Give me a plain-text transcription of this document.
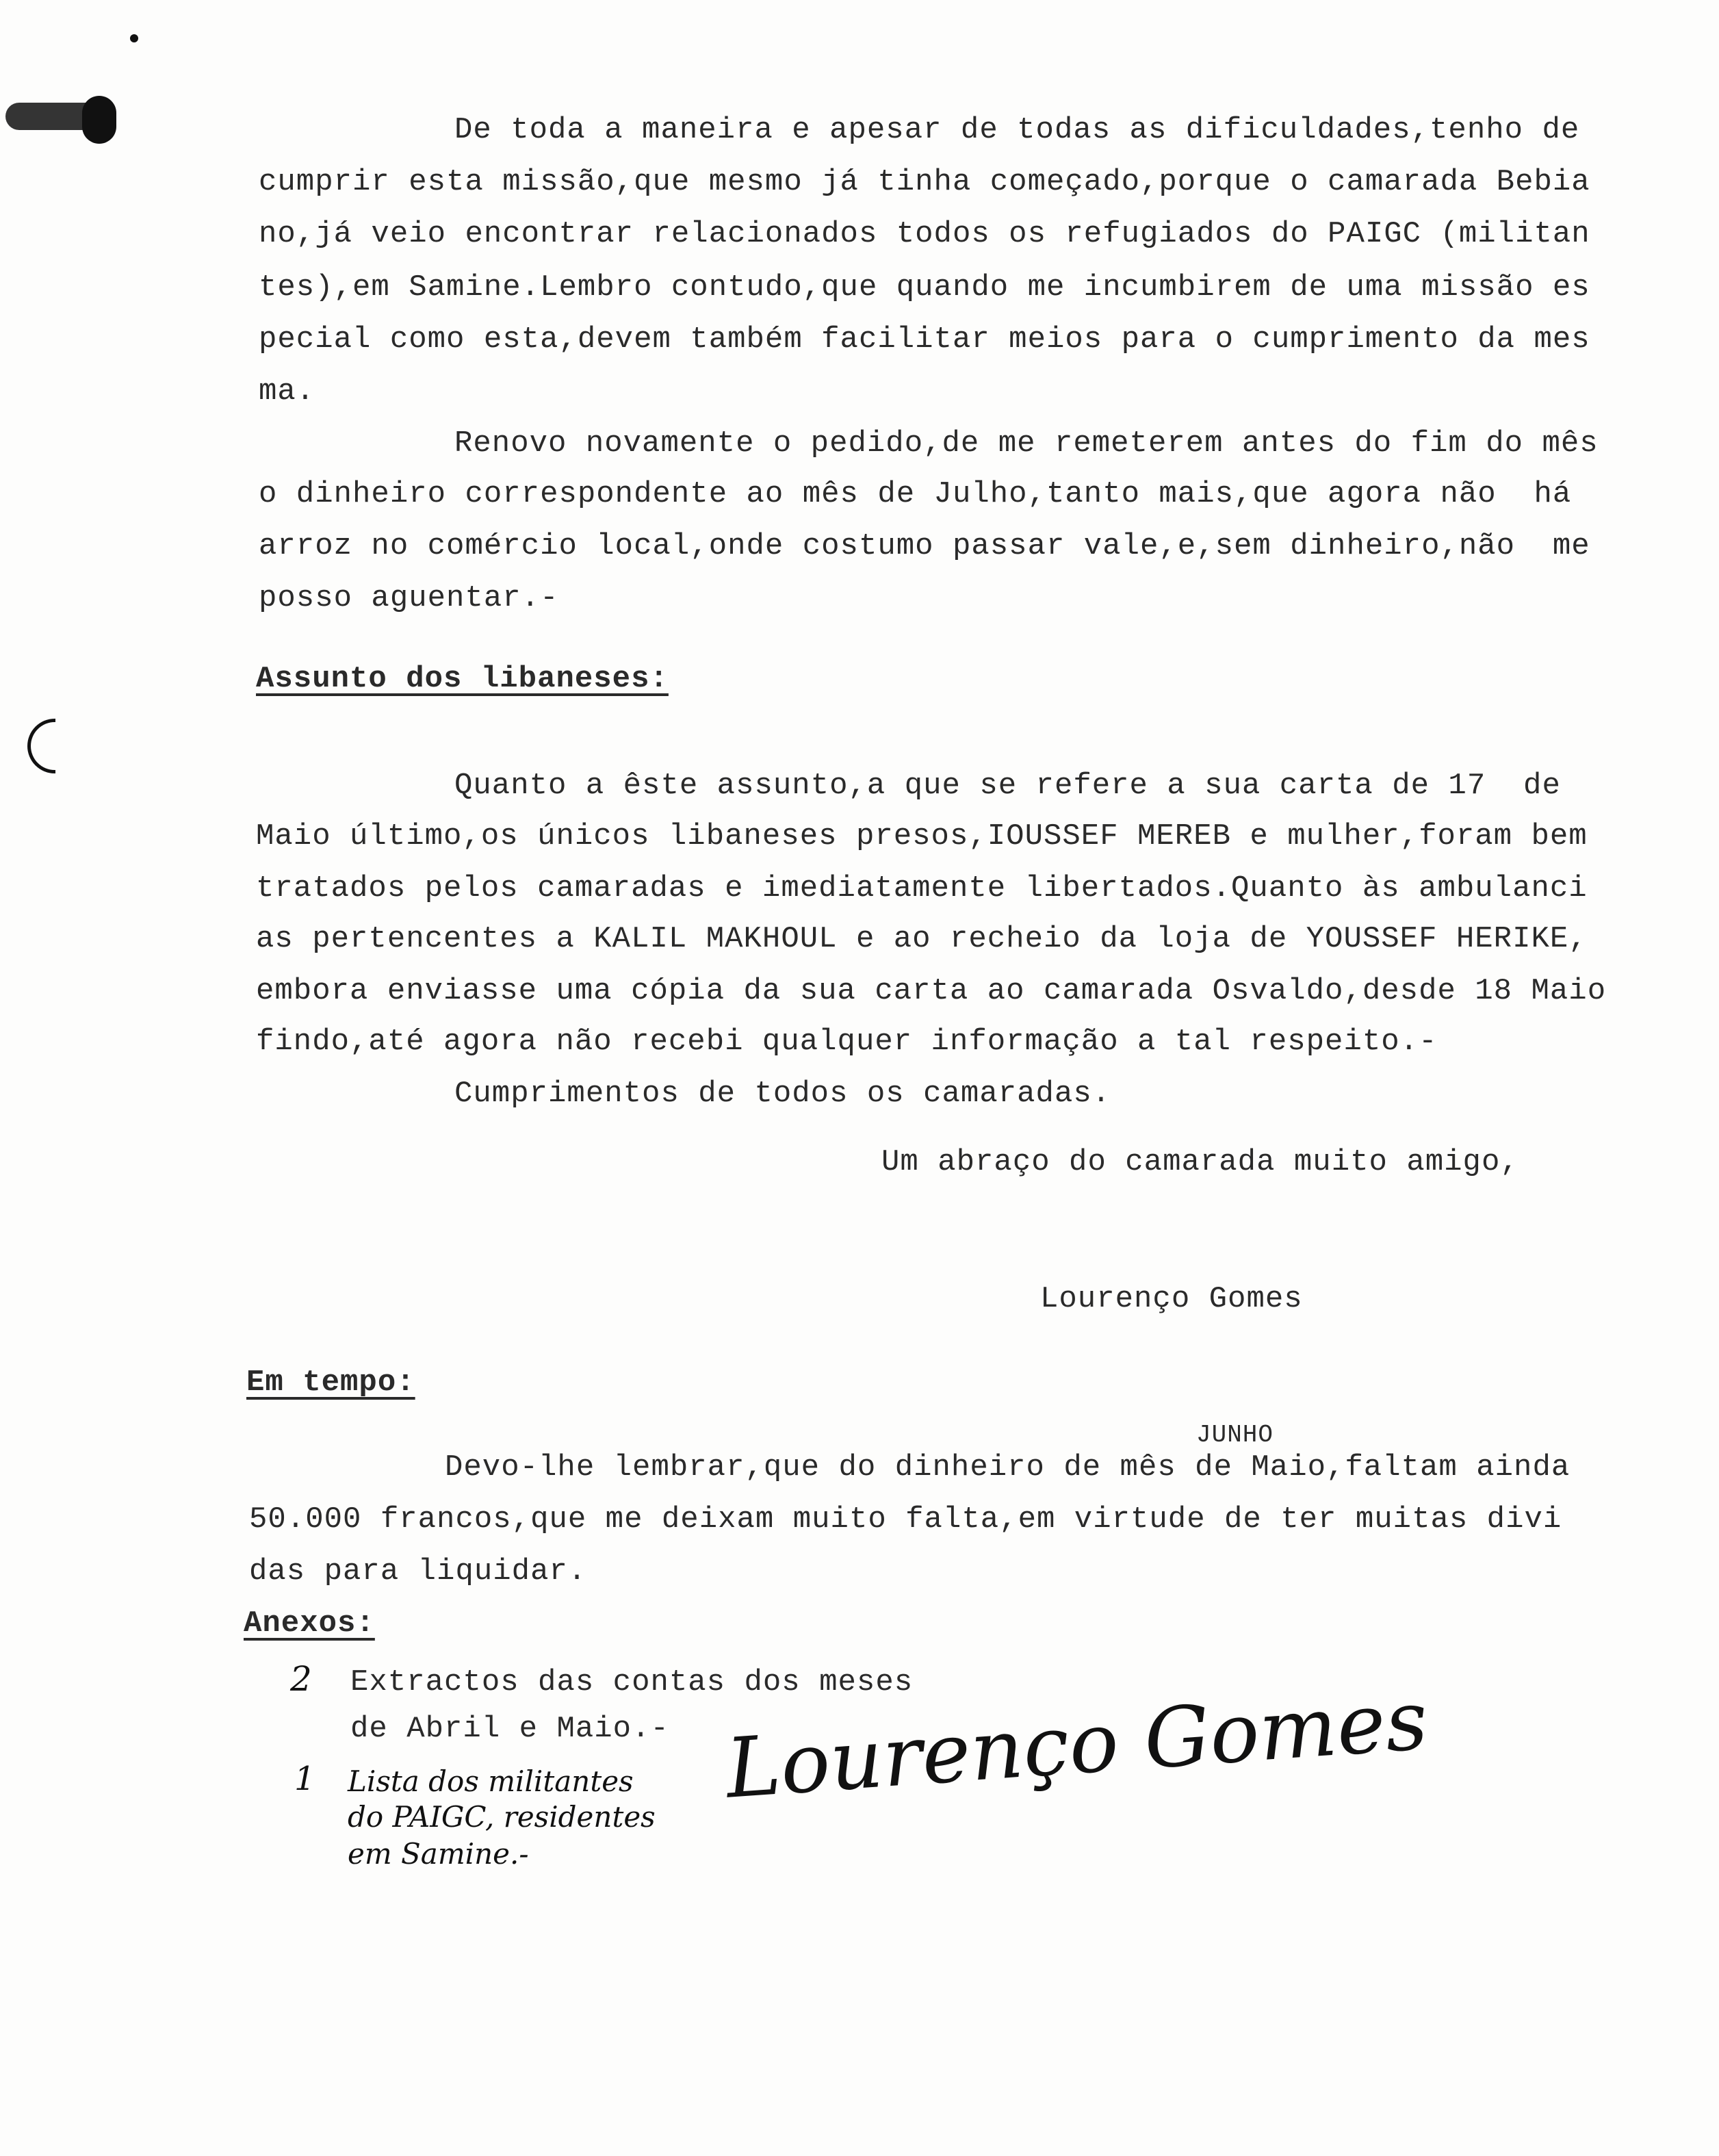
De toda a maneira e apesar de todas as dificuldades,tenho de
cumprir esta missão,que mesmo já tinha começado,porque o camarada Bebia
no,já veio encontrar relacionados todos os refugiados do PAIGC (militan
tes),em Samine.Lembro contudo,que quando me incumbirem de uma missão es
pecial como esta,devem também facilitar meios para o cumprimento da mes
ma.
Renovo novamente o pedido,de me remeterem antes do fim do mês
o dinheiro correspondente ao mês de Julho,tanto mais,que agora não  há
arroz no comércio local,onde costumo passar vale,e,sem dinheiro,não  me
posso aguentar.-
Assunto dos libaneses:
Quanto a êste assunto,a que se refere a sua carta de 17  de
Maio último,os únicos libaneses presos,IOUSSEF MEREB e mulher,foram bem
tratados pelos camaradas e imediatamente libertados.Quanto às ambulanci
as pertencentes a KALIL MAKHOUL e ao recheio da loja de YOUSSEF HERIKE,
embora enviasse uma cópia da sua carta ao camarada Osvaldo,desde 18 Maio
findo,até agora não recebi qualquer informação a tal respeito.-
Cumprimentos de todos os camaradas.
Um abraço do camarada muito amigo,
Lourenço Gomes
Em tempo:
JUNHO
Devo-lhe lembrar,que do dinheiro de mês de Maio,faltam ainda
50.000 francos,que me deixam muito falta,em virtude de ter muitas divi
das para liquidar.
Anexos:
2 Extractos das contas dos meses
de Abril e Maio.-
1 Lista dos militantes
do PAIGC, residentes
em Samine.-
Lourenço Gomes
